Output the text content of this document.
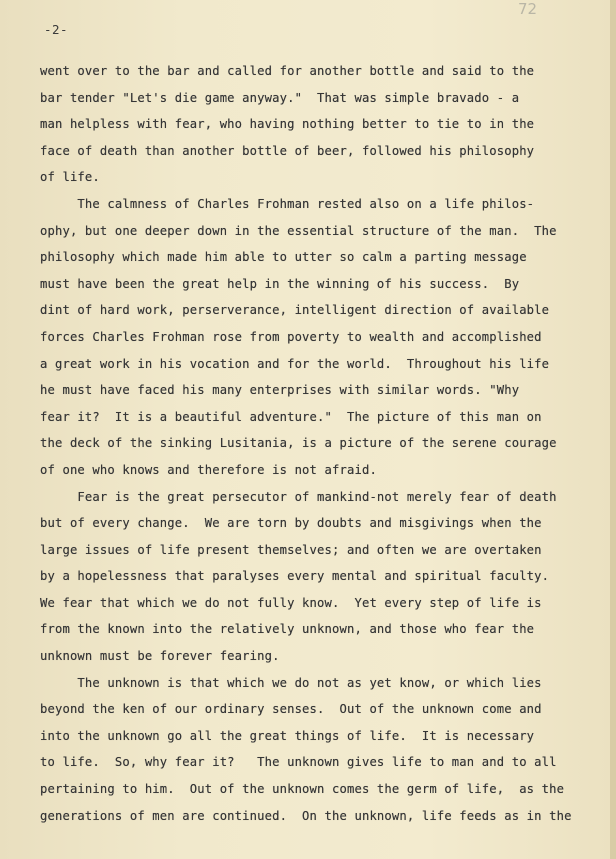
72
-2-
went over to the bar and called for another bottle and said to the
bar tender "Let's die game anyway."  That was simple bravado - a
man helpless with fear, who having nothing better to tie to in the
face of death than another bottle of beer, followed his philosophy
of life.
The calmness of Charles Frohman rested also on a life philos-
ophy, but one deeper down in the essential structure of the man.  The
philosophy which made him able to utter so calm a parting message
must have been the great help in the winning of his success.  By
dint of hard work, perserverance, intelligent direction of available
forces Charles Frohman rose from poverty to wealth and accomplished
a great work in his vocation and for the world.  Throughout his life
he must have faced his many enterprises with similar words. "Why
fear it?  It is a beautiful adventure."  The picture of this man on
the deck of the sinking Lusitania, is a picture of the serene courage
of one who knows and therefore is not afraid.
Fear is the great persecutor of mankind-not merely fear of death
but of every change.  We are torn by doubts and misgivings when the
large issues of life present themselves; and often we are overtaken
by a hopelessness that paralyses every mental and spiritual faculty.
We fear that which we do not fully know.  Yet every step of life is
from the known into the relatively unknown, and those who fear the
unknown must be forever fearing.
The unknown is that which we do not as yet know, or which lies
beyond the ken of our ordinary senses.  Out of the unknown come and
into the unknown go all the great things of life.  It is necessary
to life.  So, why fear it?   The unknown gives life to man and to all
pertaining to him.  Out of the unknown comes the germ of life,  as the
generations of men are continued.  On the unknown, life feeds as in the
